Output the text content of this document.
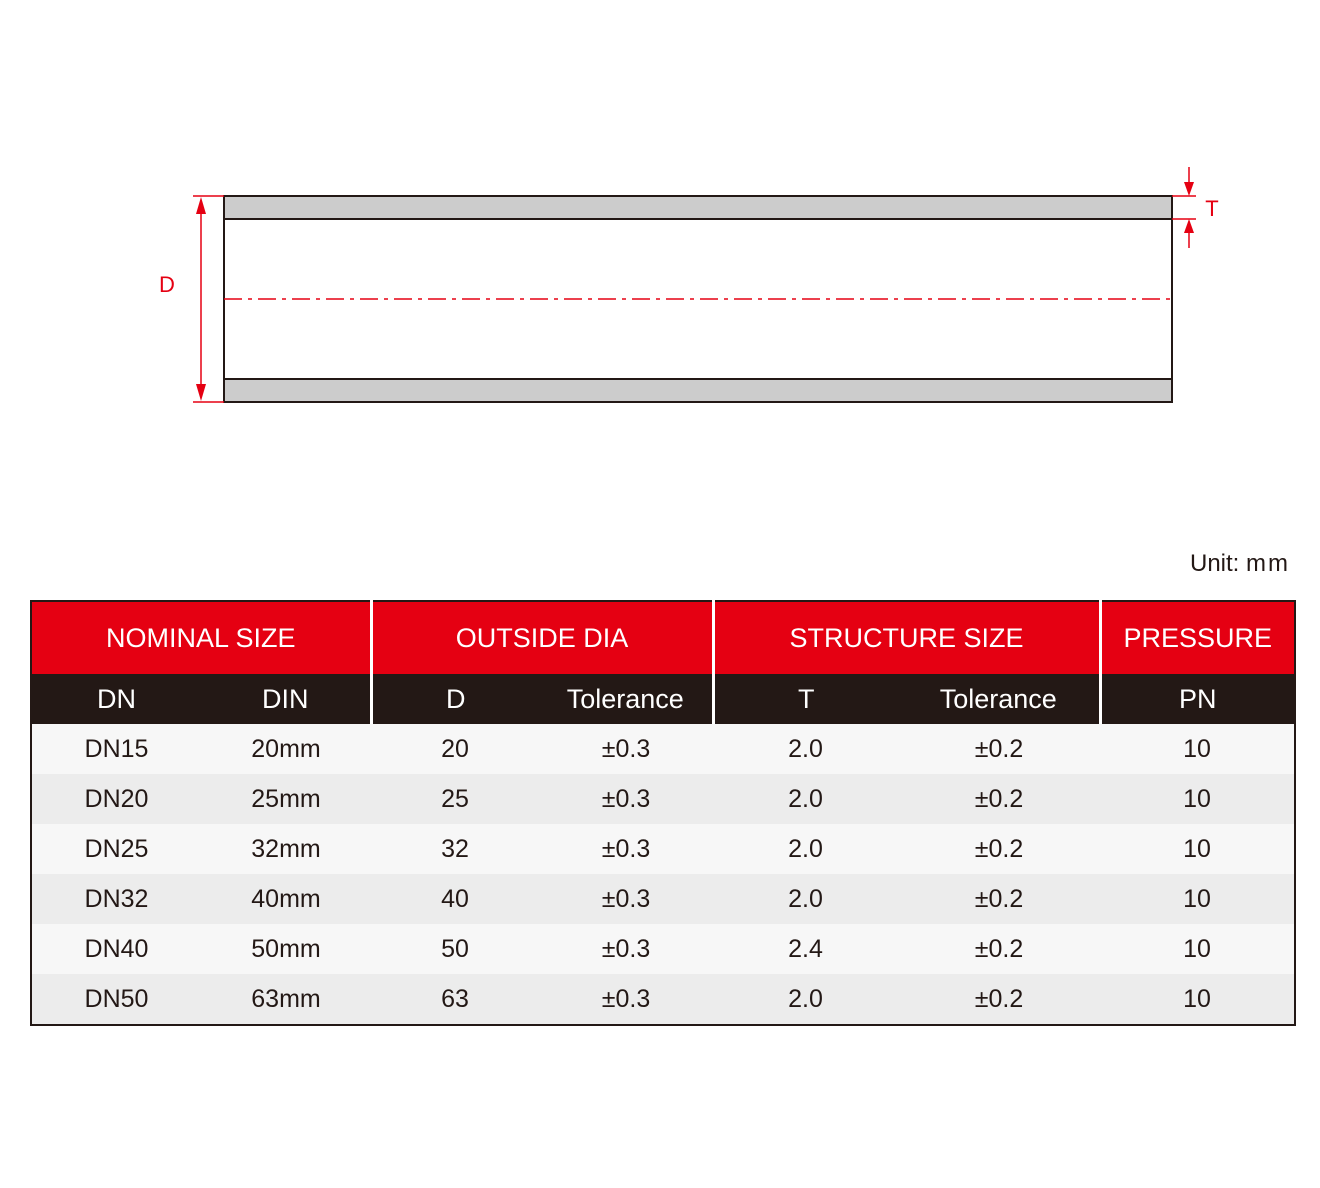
D
T
Unit: mm
NOMINAL SIZE		OUTSIDE DIA		STRUCTURE SIZE		PRESSURE
DN	DIN	D	Tolerance	T	Tolerance	PN
DN15	20mm	20	±0.3	2.0	±0.2	10
DN20	25mm	25	±0.3	2.0	±0.2	10
DN25	32mm	32	±0.3	2.0	±0.2	10
DN32	40mm	40	±0.3	2.0	±0.2	10
DN40	50mm	50	±0.3	2.4	±0.2	10
DN50	63mm	63	±0.3	2.0	±0.2	10
